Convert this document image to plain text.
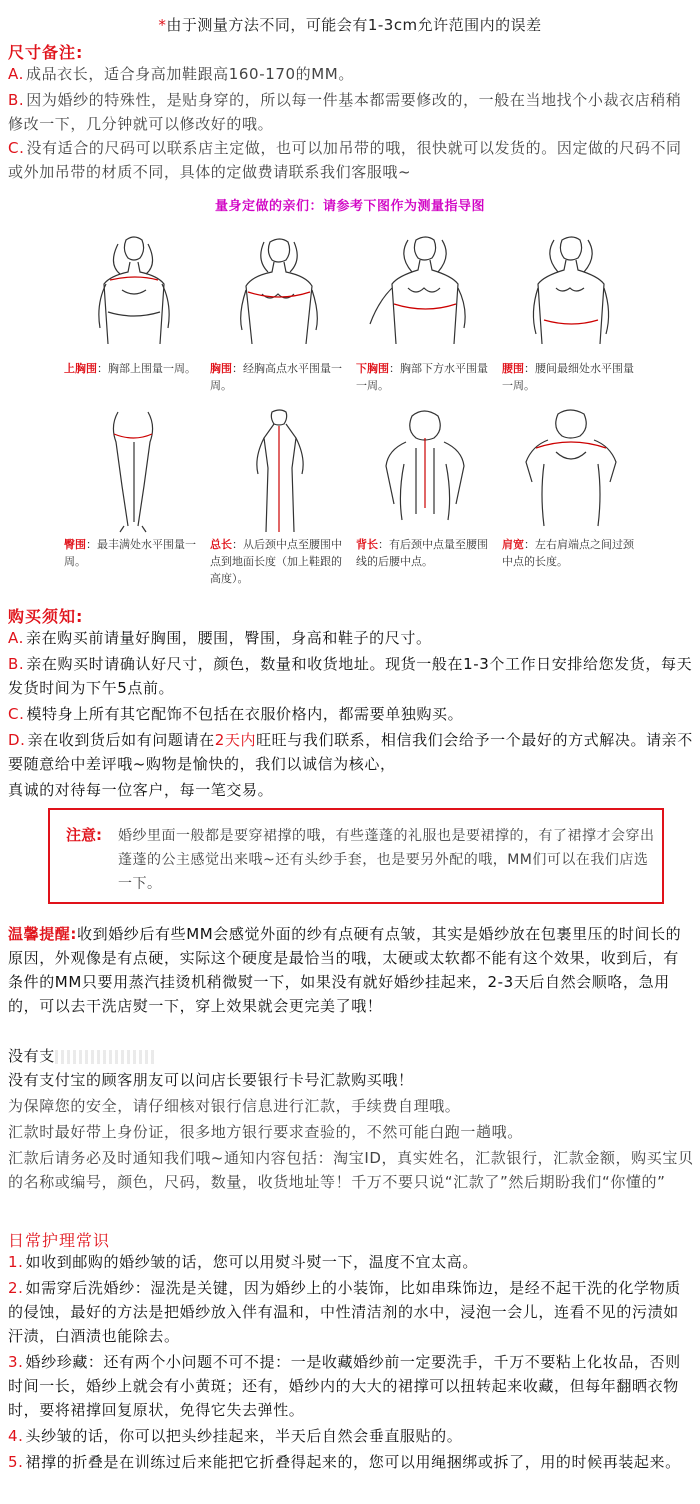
*由于测量方法不同，可能会有1-3cm允许范围内的误差
尺寸备注:

A. 成品衣长，适合身高加鞋跟高160-170的MM。

B. 因为婚纱的特殊性，是贴身穿的，所以每一件基本都需要修改的，一般在当地找个小裁衣店稍稍修改一下，几分钟就可以修改好的哦。

C. 没有适合的尺码可以联系店主定做，也可以加吊带的哦，很快就可以发货的。因定做的尺码不同或外加吊带的材质不同，具体的定做费请联系我们客服哦~

量身定做的亲们：请参考下图作为测量指导图
上胸围：胸部上围量一周。	胸围：经胸高点水平围量一周。
下胸围：胸部下方水平围量一周。
腰围：腰间最细处水平围量一周。
臀围：最丰满处水平围量一周。
总长：从后颈中点至腰围中点到地面长度（加上鞋跟的高度）。
背长：有后颈中点量至腰围线的后腰中点。
肩宽：左右肩端点之间过颈中点的长度。
购买须知:

A. 亲在购买前请量好胸围，腰围，臀围，身高和鞋子的尺寸。

B. 亲在购买时请确认好尺寸，颜色，数量和收货地址。现货一般在1-3个工作日安排给您发货，每天发货时间为下午5点前。

C. 模特身上所有其它配饰不包括在衣服价格内，都需要单独购买。

D. 亲在收到货后如有问题请在2天内旺旺与我们联系，相信我们会给予一个最好的方式解决。请亲不要随意给中差评哦~购物是愉快的，我们以诚信为核心，

真诚的对待每一位客户，每一笔交易。

注意: 婚纱里面一般都是要穿裙撑的哦，有些蓬蓬的礼服也是要裙撑的，有了裙撑才会穿出蓬蓬的公主感觉出来哦~还有头纱手套，也是要另外配的哦，MM们可以在我们店选一下。

温馨提醒:收到婚纱后有些MM会感觉外面的纱有点硬有点皱，其实是婚纱放在包裹里压的时间长的原因，外观像是有点硬，实际这个硬度是最恰当的哦，太硬或太软都不能有这个效果，收到后，有条件的MM只要用蒸汽挂烫机稍微熨一下，如果没有就好婚纱挂起来，2-3天后自然会顺咯，急用的，可以去干洗店熨一下，穿上效果就会更完美了哦！

没有支

没有支付宝的顾客朋友可以问店长要银行卡号汇款购买哦！

为保障您的安全，请仔细核对银行信息进行汇款，手续费自理哦。

汇款时最好带上身份证，很多地方银行要求查验的，不然可能白跑一趟哦。

汇款后请务必及时通知我们哦~通知内容包括：淘宝ID，真实姓名，汇款银行，汇款金额，购买宝贝的名称或编号，颜色，尺码，数量，收货地址等！千万不要只说“汇款了”然后期盼我们“你懂的”

日常护理常识

1. 如收到邮购的婚纱皱的话，您可以用熨斗熨一下，温度不宜太高。

2. 如需穿后洗婚纱：湿洗是关键，因为婚纱上的小装饰，比如串珠饰边，是经不起干洗的化学物质的侵蚀，最好的方法是把婚纱放入伴有温和，中性清洁剂的水中，浸泡一会儿，连看不见的污渍如汗渍，白酒渍也能除去。

3. 婚纱珍藏：还有两个小问题不可不提：一是收藏婚纱前一定要洗手，千万不要粘上化妆品，否则时间一长，婚纱上就会有小黄斑；还有，婚纱内的大大的裙撑可以扭转起来收藏，但每年翻晒衣物时，要将裙撑回复原状，免得它失去弹性。

4. 头纱皱的话，你可以把头纱挂起来，半天后自然会垂直服贴的。

5. 裙撑的折叠是在训练过后来能把它折叠得起来的，您可以用绳捆绑或拆了，用的时候再装起来。
